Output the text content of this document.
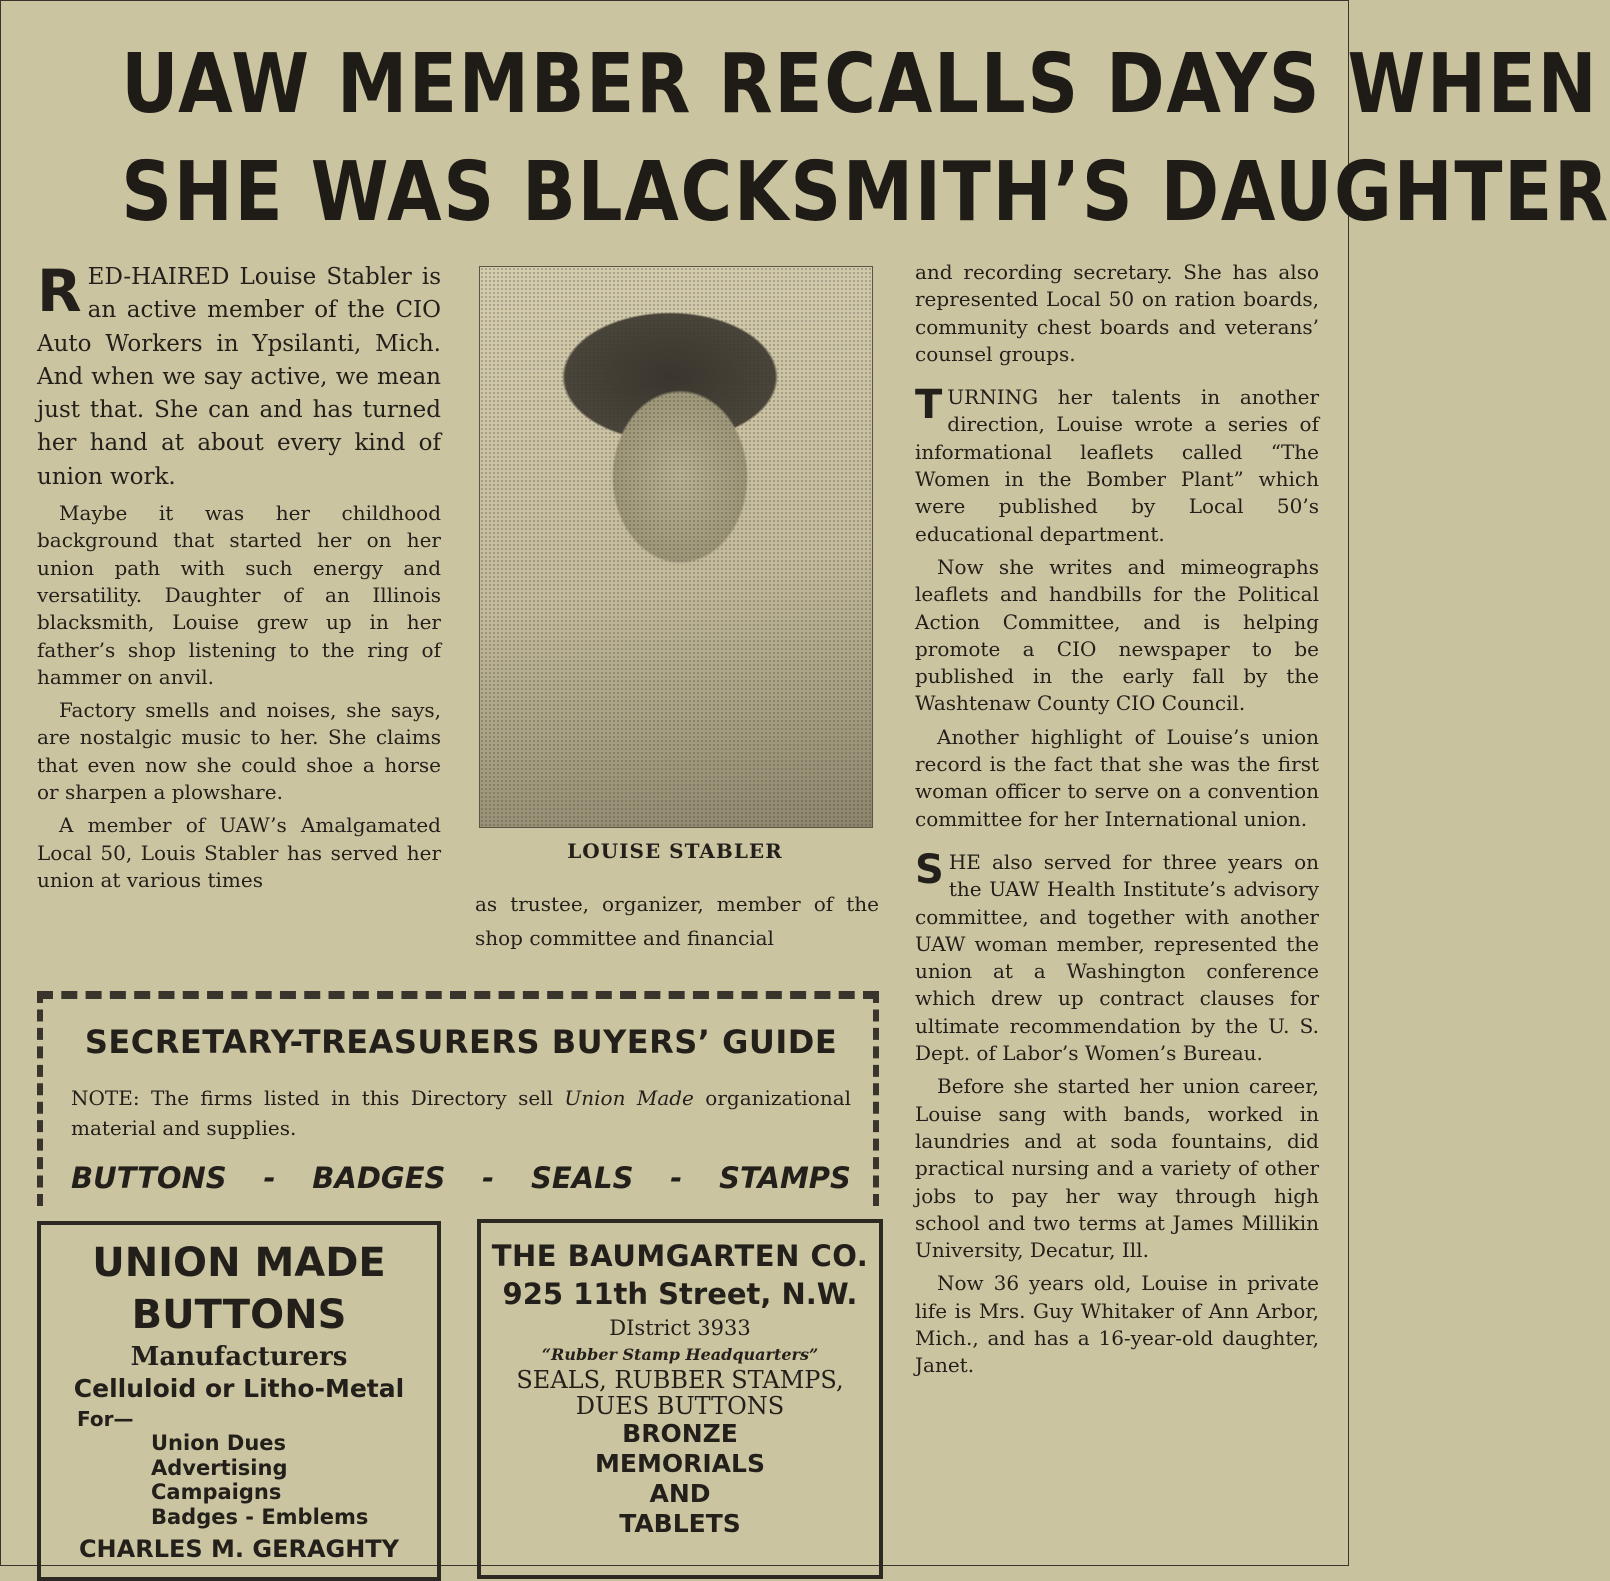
UAW MEMBER RECALLS DAYS WHEN
SHE WAS BLACKSMITH’S DAUGHTER

RED-HAIRED Louise Stabler is an active member of the CIO Auto Workers in Ypsilanti, Mich. And when we say active, we mean just that. She can and has turned her hand at about every kind of union work.

Maybe it was her childhood background that started her on her union path with such energy and versatility. Daughter of an Illinois blacksmith, Louise grew up in her father’s shop listening to the ring of hammer on anvil.

Factory smells and noises, she says, are nostalgic music to her. She claims that even now she could shoe a horse or sharpen a plowshare.

A member of UAW’s Amalgamated Local 50, Louis Stabler has served her union at various times

LOUISE STABLER

as trustee, organizer, member of the shop committee and financial

and recording secretary. She has also represented Local 50 on ration boards, community chest boards and veterans’ counsel groups.

TURNING her talents in another direction, Louise wrote a series of informational leaflets called “The Women in the Bomber Plant” which were published by Local 50’s educational department.

Now she writes and mimeographs leaflets and handbills for the Political Action Committee, and is helping promote a CIO newspaper to be published in the early fall by the Washtenaw County CIO Council.

Another highlight of Louise’s union record is the fact that she was the first woman officer to serve on a convention committee for her International union.

SHE also served for three years on the UAW Health Institute’s advisory committee, and together with another UAW woman member, represented the union at a Washington conference which drew up contract clauses for ultimate recommendation by the U. S. Dept. of Labor’s Women’s Bureau.

Before she started her union career, Louise sang with bands, worked in laundries and at soda fountains, did practical nursing and a variety of other jobs to pay her way through high school and two terms at James Millikin University, Decatur, Ill.

Now 36 years old, Louise in private life is Mrs. Guy Whitaker of Ann Arbor, Mich., and has a 16-year-old daughter, Janet.

SECRETARY-TREASURERS BUYERS’ GUIDE
NOTE: The firms listed in this Directory sell Union Made organizational material and supplies.
BUTTONS - BADGES - SEALS - STAMPS
UNION MADE
BUTTONS
Manufacturers
Celluloid or Litho-Metal
For—
Union Dues
Advertising
Campaigns
Badges - Emblems
CHARLES M. GERAGHTY
THE BAUMGARTEN CO.
925 11th Street, N.W.
DIstrict 3933
“Rubber Stamp Headquarters”
SEALS, RUBBER STAMPS,
DUES BUTTONS
BRONZE
MEMORIALS
AND
TABLETS
